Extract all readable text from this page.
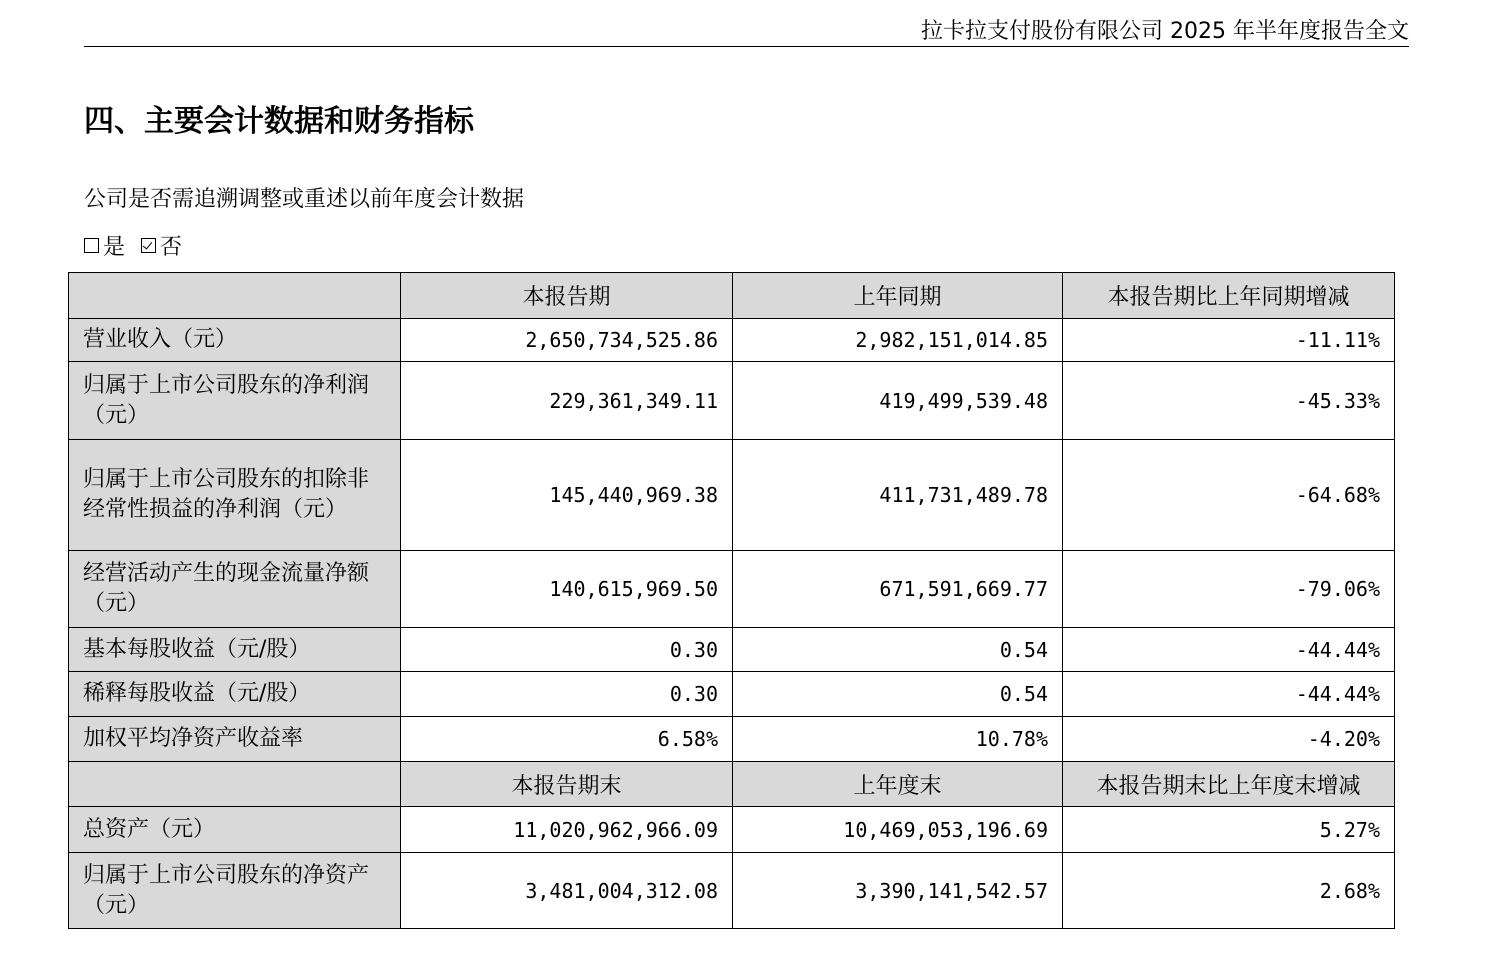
拉卡拉支付股份有限公司 2025 年半年度报告全文
四、主要会计数据和财务指标
公司是否需追溯调整或重述以前年度会计数据
是 否
	本报告期	上年同期	本报告期比上年同期增减
营业收入（元）	2,650,734,525.86	2,982,151,014.85	-11.11%
归属于上市公司股东的净利润（元）	229,361,349.11	419,499,539.48	-45.33%
归属于上市公司股东的扣除非经常性损益的净利润（元）	145,440,969.38	411,731,489.78	-64.68%
经营活动产生的现金流量净额（元）	140,615,969.50	671,591,669.77	-79.06%
基本每股收益（元/股）	0.30	0.54	-44.44%
稀释每股收益（元/股）	0.30	0.54	-44.44%
加权平均净资产收益率	6.58%	10.78%	-4.20%
	本报告期末	上年度末	本报告期末比上年度末增减
总资产（元）	11,020,962,966.09	10,469,053,196.69	5.27%
归属于上市公司股东的净资产（元）	3,481,004,312.08	3,390,141,542.57	2.68%
